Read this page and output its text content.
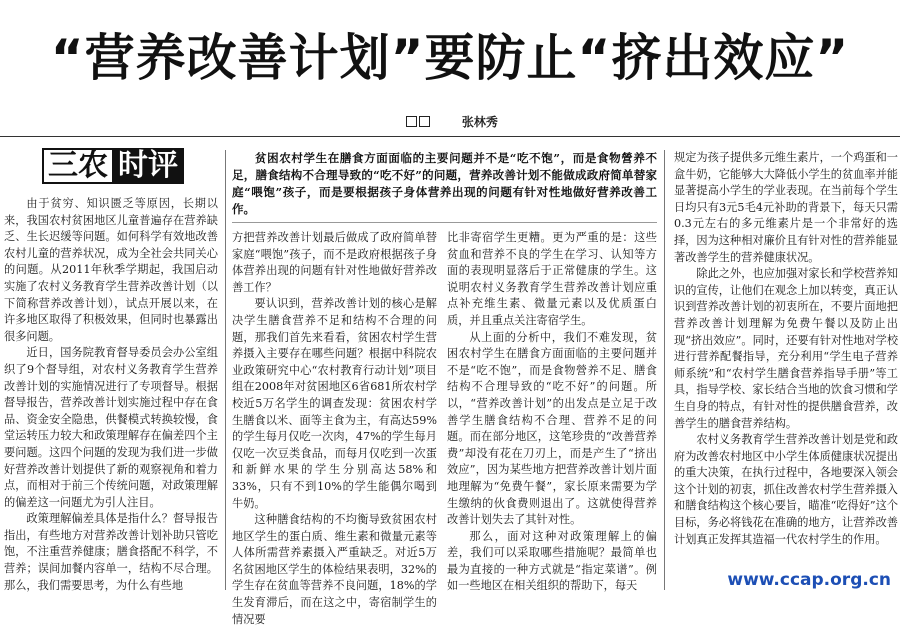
“营养改善计划”要防止“挤出效应”
张林秀
三农 时评	贫困农村学生在膳食方面面临的主要问题并不是“吃不饱”，而是食物營养不足，膳食结构不合理导致的“吃不好”的问题，营养改善计划不能做成政府简单替家庭“喂饱”孩子，而是要根据孩子身体营养出现的问题有针对性地做好营养改善工作。

由于贫穷、知识匮乏等原因，长期以来，我国农村贫困地区儿童普遍存在营养缺乏、生长迟缓等问题。如何科学有效地改善农村儿童的营养状况，成为全社会共同关心的问题。从2011年秋季学期起，我国启动实施了农村义务教育学生营养改善计划（以下简称营养改善计划），试点开展以来，在许多地区取得了积极效果，但同时也暴露出很多问题。

近日，国务院教育督导委员会办公室组织了9个督导组，对农村义务教育学生营养改善计划的实施情况进行了专项督导。根据督导报告，营养改善计划实施过程中存在食品、资金安全隐患，供餐模式转换较慢，食堂运转压力较大和政策理解存在偏差四个主要问题。这四个问题的发现为我们进一步做好营养改善计划提供了新的观察视角和着力点，而相对于前三个传统问题，对政策理解的偏差这一问题尤为引人注目。

政策理解偏差具体是指什么？督导报告指出，有些地方对营养改善计划补助只管吃饱，不注重营养健康；膳食搭配不科学，不营养；误间加餐内容单一，结构不尽合理。那么，我们需要思考，为什么有些地

方把营养改善计划最后做成了政府简单替家庭“喂饱”孩子，而不是政府根据孩子身体营养出现的问题有针对性地做好营养改善工作？

要认识到，营养改善计划的核心是解决学生膳食营养不足和结构不合理的问题，那我们首先来看看，贫困农村学生营养摄入主要存在哪些问题？根据中科院农业政策研究中心“农村教育行动计划”项目组在2008年对贫困地区6省681所农村学校近5万名学生的调查发现：贫困农村学生膳食以米、面等主食为主，有高达59%的学生每月仅吃一次肉，47%的学生每月仅吃一次豆类食品，而每月仅吃到一次蛋和新鲜水果的学生分别高达58%和33%，只有不到10%的学生能偶尔喝到牛奶。

这种膳食结构的不均衡导致贫困农村地区学生的蛋白质、维生素和微量元素等人体所需营养素摄入严重缺乏。对近5万名贫困地区学生的体检结果表明，32%的学生存在贫血等营养不良问题，18%的学生发育滞后，而在这之中，寄宿制学生的情况要

比非寄宿学生更糟。更为严重的是：这些贫血和营养不良的学生在学习、认知等方面的表现明显落后于正常健康的学生。这说明农村义务教育学生营养改善计划应重点补充维生素、微量元素以及优质蛋白质，并且重点关注寄宿学生。

从上面的分析中，我们不难发现，贫困农村学生在膳食方面面临的主要问题并不是“吃不饱”，而是食物營养不足、膳食结构不合理导致的“吃不好”的问题。所以，“营养改善计划”的出发点是立足于改善学生膳食结构不合理、营养不足的问题。而在部分地区，这笔珍贵的“改善营养费”却没有花在刀刃上，而是产生了“挤出效应”，因为某些地方把营养改善计划片面地理解为“免费午餐”，家长原来需要为学生缴纳的伙食费则退出了。这就使得营养改善计划失去了其针对性。

那么，面对这种对政策理解上的偏差，我们可以采取哪些措施呢？最简单也最为直接的一种方式就是“指定菜谱”。例如一些地区在相关组织的帮助下，每天

规定为孩子提供多元维生素片，一个鸡蛋和一盒牛奶，它能够大大降低小学生的贫血率并能显著提高小学生的学业表现。在当前每个学生日均只有3元5毛4元补助的背景下，每天只需0.3元左右的多元维素片是一个非常好的选择，因为这种相对廉价且有针对性的营养能显著改善学生的营养健康状况。

除此之外，也应加强对家长和学校营养知识的宣传，让他们在观念上加以转变，真正认识到营养改善计划的初衷所在，不要片面地把营养改善计划理解为免费午餐以及防止出现“挤出效应”。同时，还要有针对性地对学校进行营养配餐指导，充分利用“学生电子营养师系统”和“农村学生膳食营养指导手册”等工具，指导学校、家长结合当地的饮食习惯和学生自身的特点，有针对性的提供膳食营养，改善学生的膳食营养结构。

农村义务教育学生营养改善计划是党和政府为改善农村地区中小学生体质健康状况提出的重大决策，在执行过程中，各地要深入领会这个计划的初衷，抓住改善农村学生营养摄入和膳食结构这个核心要旨，瞄准“吃得好”这个目标，务必将钱花在准确的地方，让营养改善计划真正发挥其造福一代农村学生的作用。

www.ccap.org.cn
